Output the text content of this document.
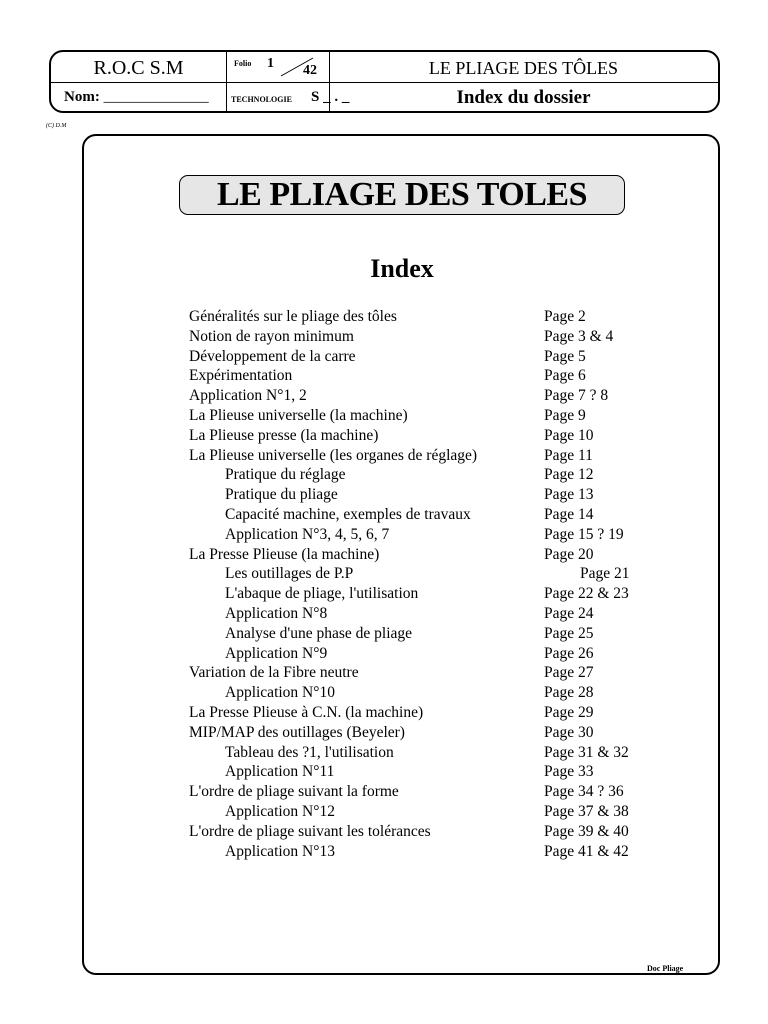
R.O.C S.M	Folio 1 42	LE PLIAGE DES TÔLES
Nom: ______________	TECHNOLOGIE S _ . _	Index du dossier
(C) D.M
LE PLIAGE DES TOLES
Index
Généralités sur le pliage des tôles	Page 2
Notion de rayon minimum	Page 3 & 4
Développement de la carre	Page 5
Expérimentation	Page 6
Application N°1, 2	Page 7 ? 8
La Plieuse universelle (la machine)	Page 9
La Plieuse presse (la machine)	Page 10
La Plieuse universelle (les organes de réglage)	Page 11
Pratique du réglage	Page 12
Pratique du pliage	Page 13
Capacité machine, exemples de travaux	Page 14
Application N°3, 4, 5, 6, 7	Page 15 ? 19
La Presse Plieuse (la machine)	Page 20
Les outillages de P.P	Page 21
L'abaque de pliage, l'utilisation	Page 22 & 23
Application N°8	Page 24
Analyse d'une phase de pliage	Page 25
Application N°9	Page 26
Variation de la Fibre neutre	Page 27
Application N°10	Page 28
La Presse Plieuse à C.N. (la machine)	Page 29
MIP/MAP des outillages (Beyeler)	Page 30
Tableau des ?1, l'utilisation	Page 31 & 32
Application N°11	Page 33
L'ordre de pliage suivant la forme	Page 34 ? 36
Application N°12	Page 37 & 38
L'ordre de pliage suivant les tolérances	Page 39 & 40
Application N°13	Page 41 & 42
Doc Pliage
